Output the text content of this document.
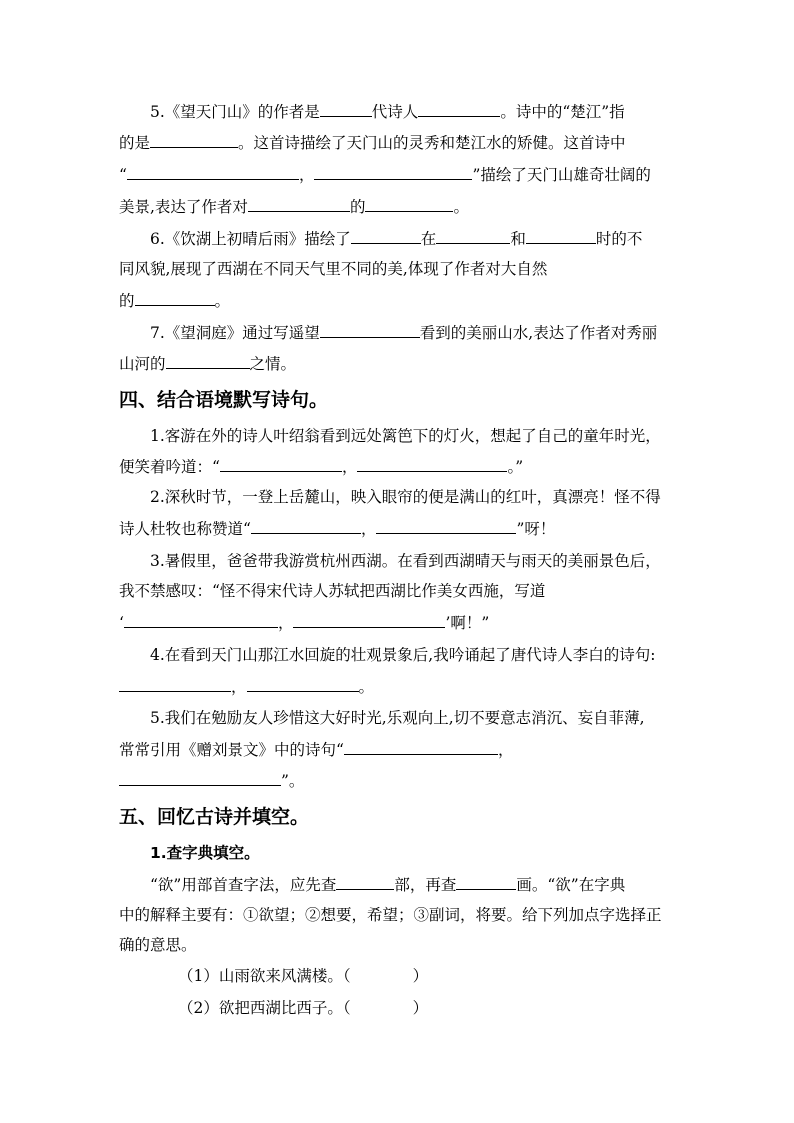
5.《望天门山》的作者是	代诗人	。诗中的“楚江”指
的是	。这首诗描绘了天门山的灵秀和楚江水的矫健。这首诗中
“	，	”描绘了天门山雄奇壮阔的
美景,表达了作者对	的	。
6.《饮湖上初晴后雨》描绘了	在	和	时的不
同风貌,展现了西湖在不同天气里不同的美,体现了作者对大自然
的	。
7.《望洞庭》通过写遥望	看到的美丽山水,表达了作者对秀丽
山河的	之情。
四、结合语境默写诗句。
1.客游在外的诗人叶绍翁看到远处篱笆下的灯火，想起了自己的童年时光，
便笑着吟道：“	，	。”
2.深秋时节，一登上岳麓山，映入眼帘的便是满山的红叶，真漂亮！怪不得
诗人杜牧也称赞道“	，	”呀！
3.暑假里，爸爸带我游赏杭州西湖。在看到西湖晴天与雨天的美丽景色后，
我不禁感叹：“怪不得宋代诗人苏轼把西湖比作美女西施，写道
‘	，	’啊！”
4.在看到天门山那江水回旋的壮观景象后,我吟诵起了唐代诗人李白的诗句:
，	。
5.我们在勉励友人珍惜这大好时光,乐观向上,切不要意志消沉、妄自菲薄,
常常引用《赠刘景文》中的诗句“	，
”。
五、回忆古诗并填空。
1.查字典填空。
“欲”用部首查字法，应先查	部，再查	画。“欲”在字典
中的解释主要有：①欲望；②想要，希望；③副词，将要。给下列加点字选择正
确的意思。
（1）山雨欲来风满楼。（	）
（2）欲把西湖比西子。（	）
